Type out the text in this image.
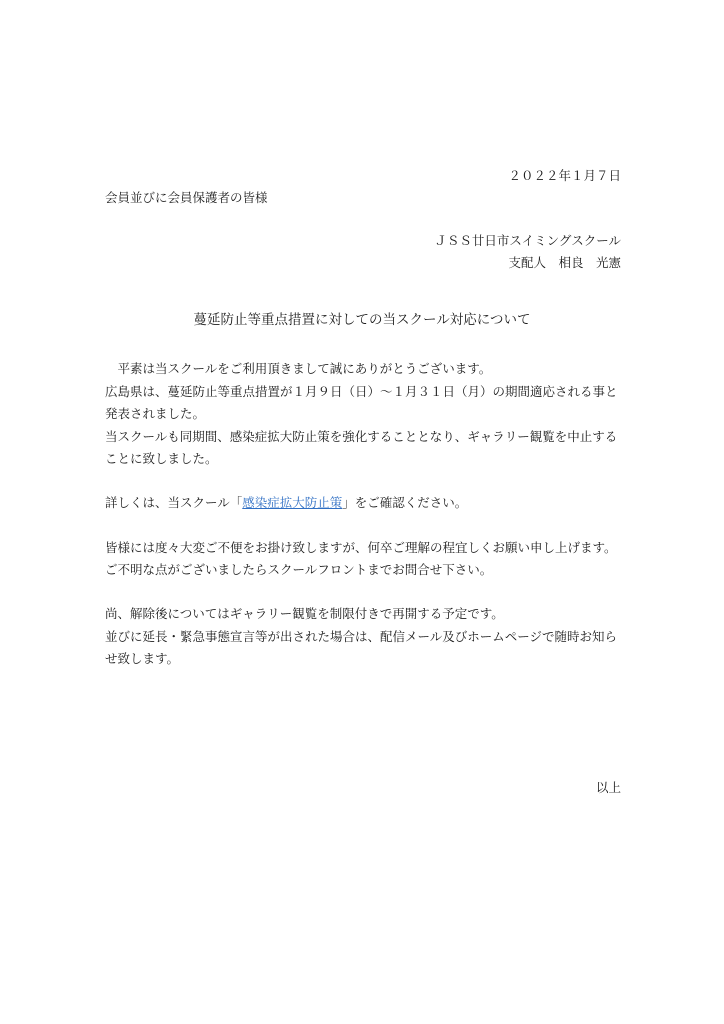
２０２２年１月７日
会員並びに会員保護者の皆様
ＪＳＳ廿日市スイミングスクール
支配人　相良　光憲
蔓延防止等重点措置に対しての当スクール対応について
　平素は当スクールをご利用頂きまして誠にありがとうございます。
広島県は、蔓延防止等重点措置が１月９日（日）～１月３１日（月）の期間適応される事と
発表されました。
当スクールも同期間、感染症拡大防止策を強化することとなり、ギャラリー観覧を中止する
ことに致しました。
詳しくは、当スクール「感染症拡大防止策」をご確認ください。
皆様には度々大変ご不便をお掛け致しますが、何卒ご理解の程宜しくお願い申し上げます。
ご不明な点がございましたらスクールフロントまでお問合せ下さい。
尚、解除後についてはギャラリー観覧を制限付きで再開する予定です。
並びに延長・緊急事態宣言等が出された場合は、配信メール及びホームページで随時お知ら
せ致します。
以上
